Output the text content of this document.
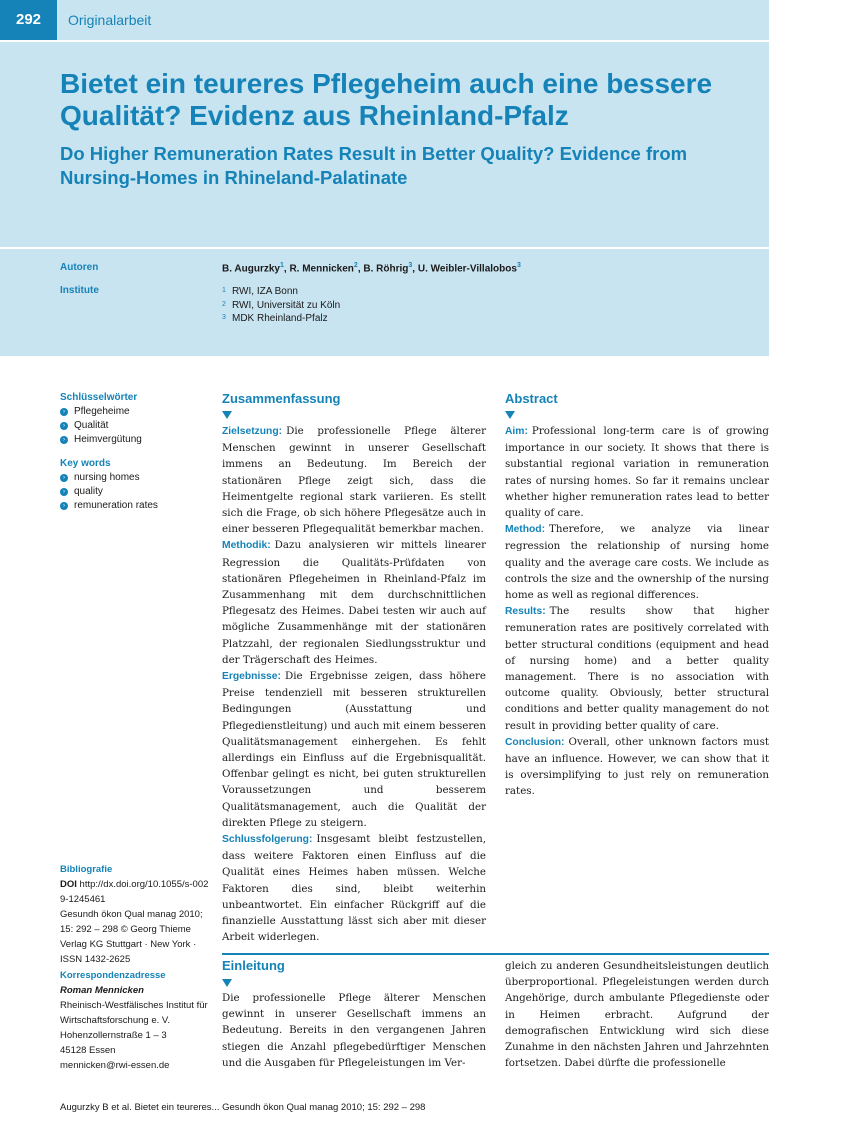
292	Originalarbeit
Bietet ein teureres Pflegeheim auch eine bessere Qualität? Evidenz aus Rheinland-Pfalz
Do Higher Remuneration Rates Result in Better Quality? Evidence from Nursing-Homes in Rhineland-Palatinate
Autoren
Institute
B. Augurzky$^1$, R. Mennicken$^2$, B. Röhrig$^3$, U. Weibler-Villalobos$^3$
1 RWI, IZA Bonn
2 RWI, Universität zu Köln
3 MDK Rheinland-Pfalz
Schlüsselwörter
› Pflegeheime
› Qualität
› Heimvergütung
Key words
› nursing homes
› quality
› remuneration rates
Zusammenfassung

Zielsetzung: Die professionelle Pflege älterer Menschen gewinnt in unserer Gesellschaft immens an Bedeutung. Im Bereich der stationären Pflege zeigt sich, dass die Heimentgelte regional stark variieren. Es stellt sich die Frage, ob sich höhere Pflegesätze auch in einer besseren Pflegequalität bemerkbar machen.

Methodik: Dazu analysieren wir mittels linearer Regression die Qualitäts-Prüfdaten von stationären Pflegeheimen in Rheinland-Pfalz im Zusammenhang mit dem durchschnittlichen Pflegesatz des Heimes. Dabei testen wir auch auf mögliche Zusammenhänge mit der stationären Platzzahl, der regionalen Siedlungsstruktur und der Trägerschaft des Heimes.

Ergebnisse: Die Ergebnisse zeigen, dass höhere Preise tendenziell mit besseren strukturellen Bedingungen (Ausstattung und Pflegedienstleitung) und auch mit einem besseren Qualitätsmanagement einhergehen. Es fehlt allerdings ein Einfluss auf die Ergebnisqualität. Offenbar gelingt es nicht, bei guten strukturellen Voraussetzungen und besserem Qualitätsmanagement, auch die Qualität der direkten Pflege zu steigern.

Schlussfolgerung: Insgesamt bleibt festzustellen, dass weitere Faktoren einen Einfluss auf die Qualität eines Heimes haben müssen. Welche Faktoren dies sind, bleibt weiterhin unbeantwortet. Ein einfacher Rückgriff auf die finanzielle Ausstattung lässt sich aber mit dieser Arbeit widerlegen.

Abstract

Aim: Professional long-term care is of growing importance in our society. It shows that there is substantial regional variation in remuneration rates of nursing homes. So far it remains unclear whether higher remuneration rates lead to better quality of care.

Method: Therefore, we analyze via linear regression the relationship of nursing home quality and the average care costs. We include as controls the size and the ownership of the nursing home as well as regional differences.

Results: The results show that higher remuneration rates are positively correlated with better structural conditions (equipment and head of nursing home) and a better quality management. There is no association with outcome quality. Obviously, better structural conditions and better quality management do not result in providing better quality of care.

Conclusion: Overall, other unknown factors must have an influence. However, we can show that it is oversimplifying to just rely on remuneration rates.

Bibliografie
DOI http://dx.doi.org/10.1055/s-0029-1245461
Gesundh ökon Qual manag 2010; 15: 292 – 298 © Georg Thieme Verlag KG Stuttgart · New York · ISSN 1432-2625
Korrespondenzadresse
Roman Mennicken
Rheinisch-Westfälisches Institut für Wirtschaftsforschung e. V.
Hohenzollernstraße 1 – 3
45128 Essen
mennicken@rwi-essen.de
Einleitung

Die professionelle Pflege älterer Menschen gewinnt in unserer Gesellschaft immens an Bedeutung. Bereits in den vergangenen Jahren stiegen die Anzahl pflegebedürftiger Menschen und die Ausgaben für Pflegeleistungen im Ver-

gleich zu anderen Gesundheitsleistungen deutlich überproportional. Pflegeleistungen werden durch Angehörige, durch ambulante Pflegedienste oder in Heimen erbracht. Aufgrund der demografischen Entwicklung wird sich diese Zunahme in den nächsten Jahren und Jahrzehnten fortsetzen. Dabei dürfte die professionelle

Augurzky B et al. Bietet ein teureres... Gesundh ökon Qual manag 2010; 15: 292 – 298
